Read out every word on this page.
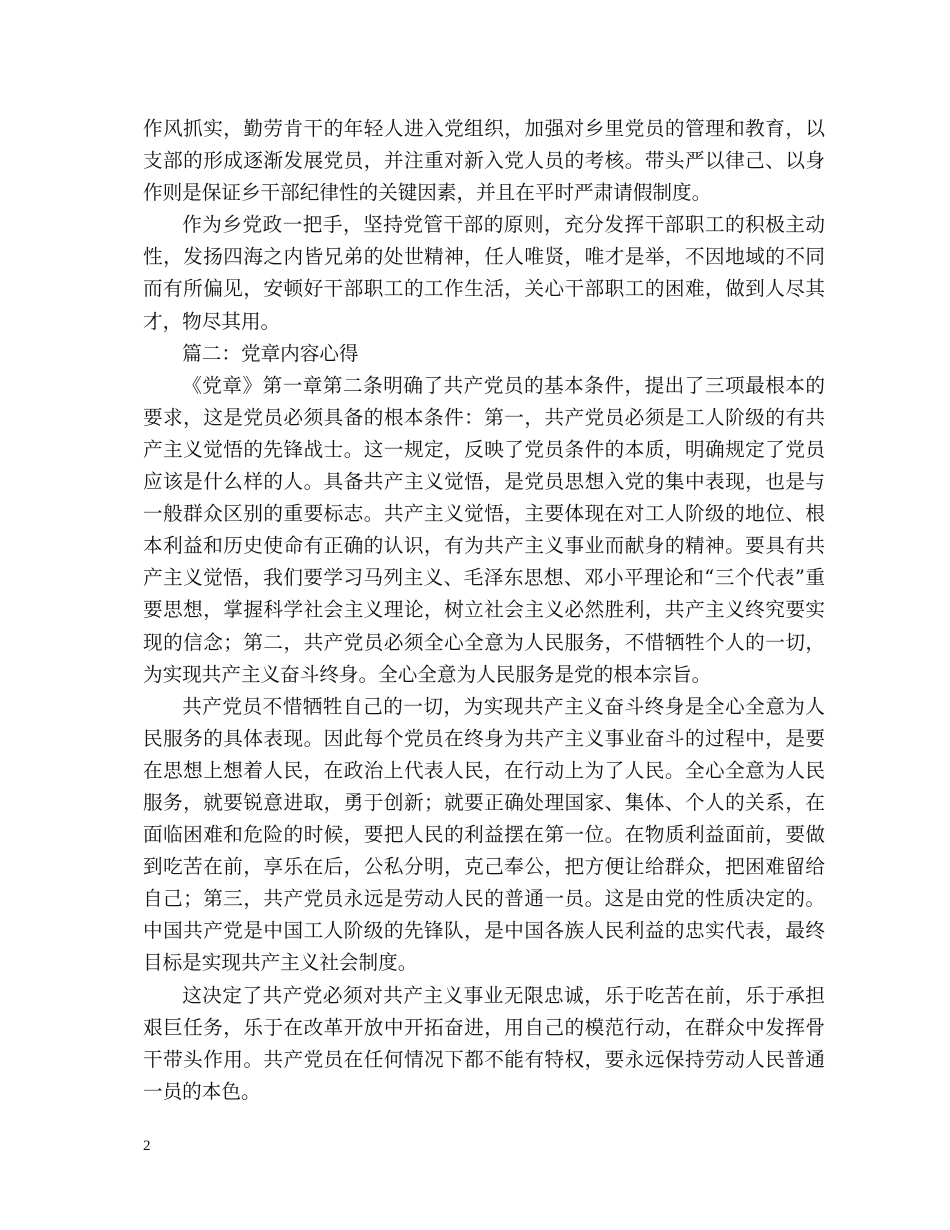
作风抓实，勤劳肯干的年轻人进入党组织，加强对乡里党员的管理和教育，以支部的形成逐渐发展党员，并注重对新入党人员的考核。带头严以律己、以身作则是保证乡干部纪律性的关键因素，并且在平时严肃请假制度。

作为乡党政一把手，坚持党管干部的原则，充分发挥干部职工的积极主动性，发扬四海之内皆兄弟的处世精神，任人唯贤，唯才是举，不因地域的不同而有所偏见，安顿好干部职工的工作生活，关心干部职工的困难，做到人尽其才，物尽其用。

篇二：党章内容心得

《党章》第一章第二条明确了共产党员的基本条件，提出了三项最根本的要求，这是党员必须具备的根本条件：第一，共产党员必须是工人阶级的有共产主义觉悟的先锋战士。这一规定，反映了党员条件的本质，明确规定了党员应该是什么样的人。具备共产主义觉悟，是党员思想入党的集中表现，也是与一般群众区别的重要标志。共产主义觉悟，主要体现在对工人阶级的地位、根本利益和历史使命有正确的认识，有为共产主义事业而献身的精神。要具有共产主义觉悟，我们要学习马列主义、毛泽东思想、邓小平理论和“三个代表”重要思想，掌握科学社会主义理论，树立社会主义必然胜利，共产主义终究要实现的信念；第二，共产党员必须全心全意为人民服务，不惜牺牲个人的一切，为实现共产主义奋斗终身。全心全意为人民服务是党的根本宗旨。

共产党员不惜牺牲自己的一切，为实现共产主义奋斗终身是全心全意为人民服务的具体表现。因此每个党员在终身为共产主义事业奋斗的过程中，是要在思想上想着人民，在政治上代表人民，在行动上为了人民。全心全意为人民服务，就要锐意进取，勇于创新；就要正确处理国家、集体、个人的关系，在面临困难和危险的时候，要把人民的利益摆在第一位。在物质利益面前，要做到吃苦在前，享乐在后，公私分明，克己奉公，把方便让给群众，把困难留给自己；第三，共产党员永远是劳动人民的普通一员。这是由党的性质决定的。中国共产党是中国工人阶级的先锋队，是中国各族人民利益的忠实代表，最终目标是实现共产主义社会制度。

这决定了共产党必须对共产主义事业无限忠诚，乐于吃苦在前，乐于承担艰巨任务，乐于在改革开放中开拓奋进，用自己的模范行动，在群众中发挥骨干带头作用。共产党员在任何情况下都不能有特权，要永远保持劳动人民普通一员的本色。

2
